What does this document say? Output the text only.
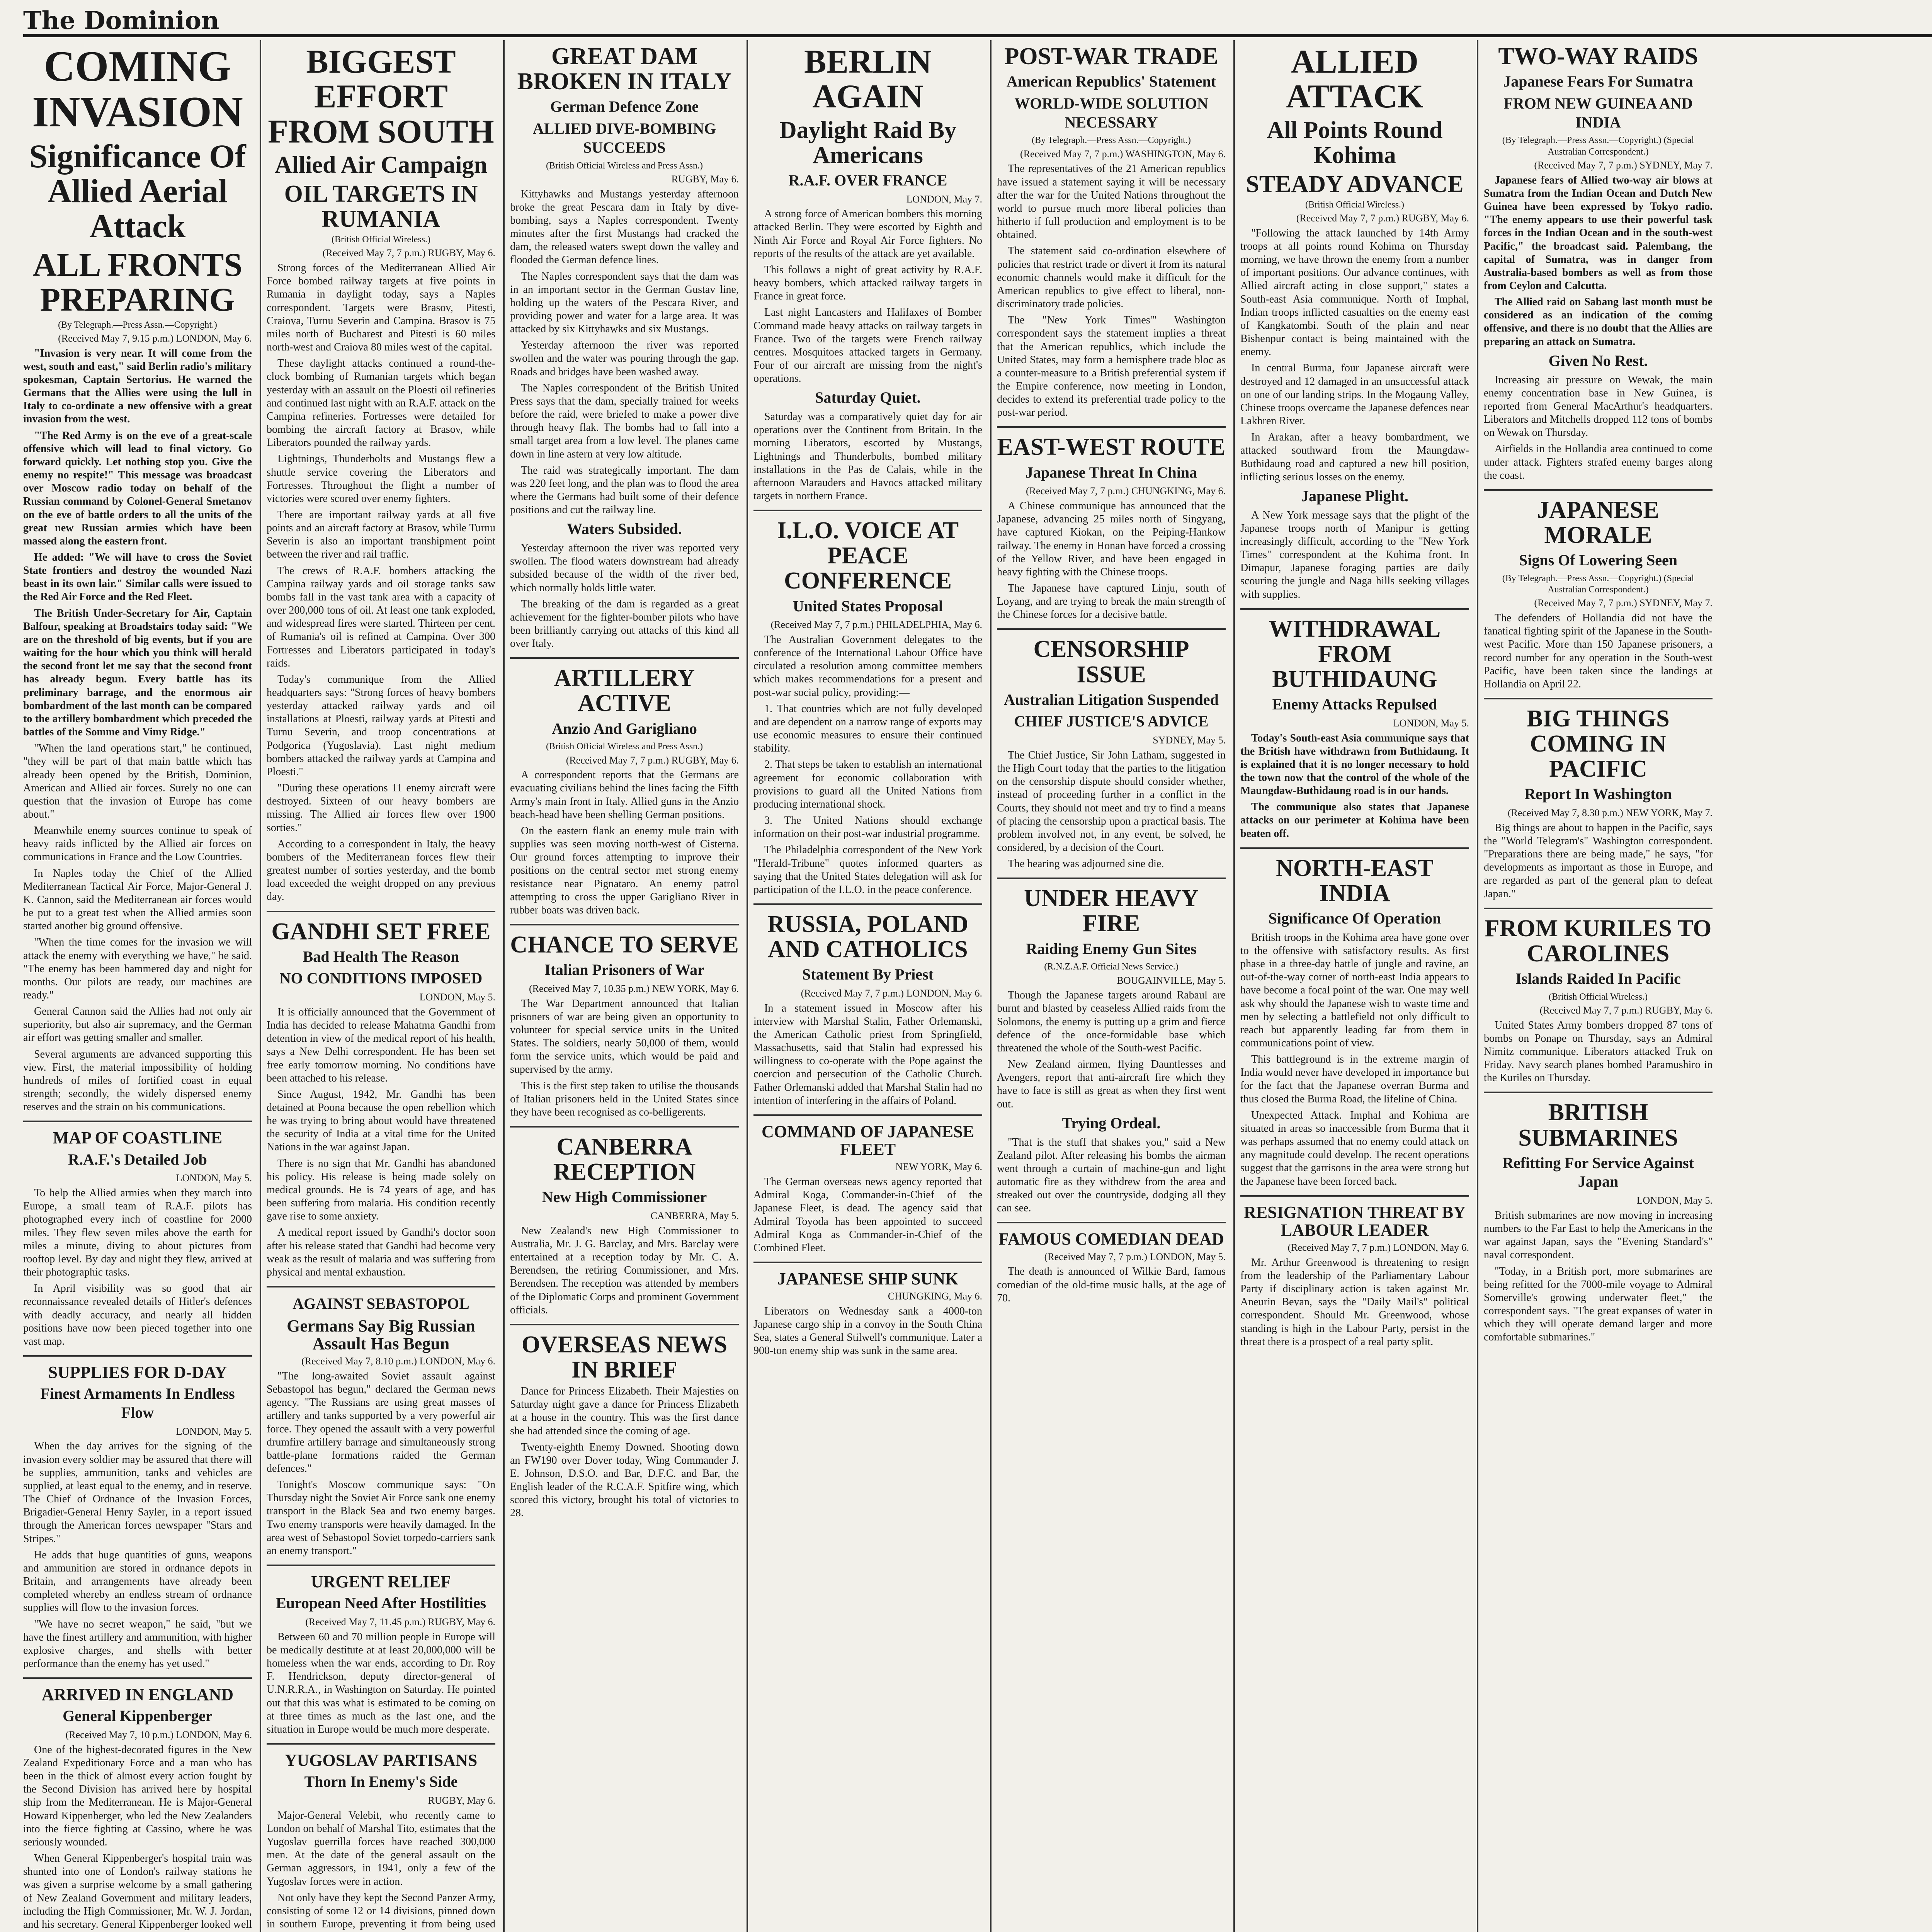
The Dominion
COMING INVASION
Significance Of Allied Aerial Attack
ALL FRONTS PREPARING
(By Telegraph.—Press Assn.—Copyright.)
(Received May 7, 9.15 p.m.) LONDON, May 6.

"Invasion is very near. It will come from the west, south and east," said Berlin radio's military spokesman, Captain Sertorius. He warned the Germans that the Allies were using the lull in Italy to co-ordinate a new offensive with a great invasion from the west.

"The Red Army is on the eve of a great-scale offensive which will lead to final victory. Go forward quickly. Let nothing stop you. Give the enemy no respite!" This message was broadcast over Moscow radio today on behalf of the Russian command by Colonel-General Smetanov on the eve of battle orders to all the units of the great new Russian armies which have been massed along the eastern front.

He added: "We will have to cross the Soviet State frontiers and destroy the wounded Nazi beast in its own lair." Similar calls were issued to the Red Air Force and the Red Fleet.

The British Under-Secretary for Air, Captain Balfour, speaking at Broadstairs today said: "We are on the threshold of big events, but if you are waiting for the hour which you think will herald the second front let me say that the second front has already begun. Every battle has its preliminary barrage, and the enormous air bombardment of the last month can be compared to the artillery bombardment which preceded the battles of the Somme and Vimy Ridge."

"When the land operations start," he continued, "they will be part of that main battle which has already been opened by the British, Dominion, American and Allied air forces. Surely no one can question that the invasion of Europe has come about."

Meanwhile enemy sources continue to speak of heavy raids inflicted by the Allied air forces on communications in France and the Low Countries.

In Naples today the Chief of the Allied Mediterranean Tactical Air Force, Major-General J. K. Cannon, said the Mediterranean air forces would be put to a great test when the Allied armies soon started another big ground offensive.

"When the time comes for the invasion we will attack the enemy with everything we have," he said. "The enemy has been hammered day and night for months. Our pilots are ready, our machines are ready."

General Cannon said the Allies had not only air superiority, but also air supremacy, and the German air effort was getting smaller and smaller.

Several arguments are advanced supporting this view. First, the material impossibility of holding hundreds of miles of fortified coast in equal strength; secondly, the widely dispersed enemy reserves and the strain on his communications.

MAP OF COASTLINE
R.A.F.'s Detailed Job
LONDON, May 5.

To help the Allied armies when they march into Europe, a small team of R.A.F. pilots has photographed every inch of coastline for 2000 miles. They flew seven miles above the earth for miles a minute, diving to about pictures from rooftop level. By day and night they flew, arrived at their photographic tasks.

In April visibility was so good that air reconnaissance revealed details of Hitler's defences with deadly accuracy, and nearly all hidden positions have now been pieced together into one vast map.

SUPPLIES FOR D-DAY
Finest Armaments In Endless Flow
LONDON, May 5.

When the day arrives for the signing of the invasion every soldier may be assured that there will be supplies, ammunition, tanks and vehicles are supplied, at least equal to the enemy, and in reserve. The Chief of Ordnance of the Invasion Forces, Brigadier-General Henry Sayler, in a report issued through the American forces newspaper "Stars and Stripes."

He adds that huge quantities of guns, weapons and ammunition are stored in ordnance depots in Britain, and arrangements have already been completed whereby an endless stream of ordnance supplies will flow to the invasion forces.

"We have no secret weapon," he said, "but we have the finest artillery and ammunition, with higher explosive charges, and shells with better performance than the enemy has yet used."

ARRIVED IN ENGLAND
General Kippenberger
(Received May 7, 10 p.m.) LONDON, May 6.

One of the highest-decorated figures in the New Zealand Expeditionary Force and a man who has been in the thick of almost every action fought by the Second Division has arrived here by hospital ship from the Mediterranean. He is Major-General Howard Kippenberger, who led the New Zealanders into the fierce fighting at Cassino, where he was seriously wounded.

When General Kippenberger's hospital train was shunted into one of London's railway stations he was given a surprise welcome by a small gathering of New Zealand Government and military leaders, including the High Commissioner, Mr. W. J. Jordan, and his secretary. General Kippenberger looked well

BIGGEST EFFORT FROM SOUTH
Allied Air Campaign
OIL TARGETS IN RUMANIA
(British Official Wireless.)
(Received May 7, 7 p.m.) RUGBY, May 6.

Strong forces of the Mediterranean Allied Air Force bombed railway targets at five points in Rumania in daylight today, says a Naples correspondent. Targets were Brasov, Pitesti, Craiova, Turnu Severin and Campina. Brasov is 75 miles north of Bucharest and Pitesti is 60 miles north-west and Craiova 80 miles west of the capital.

These daylight attacks continued a round-the-clock bombing of Rumanian targets which began yesterday with an assault on the Ploesti oil refineries and continued last night with an R.A.F. attack on the Campina refineries. Fortresses were detailed for bombing the aircraft factory at Brasov, while Liberators pounded the railway yards.

Lightnings, Thunderbolts and Mustangs flew a shuttle service covering the Liberators and Fortresses. Throughout the flight a number of victories were scored over enemy fighters.

There are important railway yards at all five points and an aircraft factory at Brasov, while Turnu Severin is also an important transhipment point between the river and rail traffic.

The crews of R.A.F. bombers attacking the Campina railway yards and oil storage tanks saw bombs fall in the vast tank area with a capacity of over 200,000 tons of oil. At least one tank exploded, and widespread fires were started. Thirteen per cent. of Rumania's oil is refined at Campina. Over 300 Fortresses and Liberators participated in today's raids.

Today's communique from the Allied headquarters says: "Strong forces of heavy bombers yesterday attacked railway yards and oil installations at Ploesti, railway yards at Pitesti and Turnu Severin, and troop concentrations at Podgorica (Yugoslavia). Last night medium bombers attacked the railway yards at Campina and Ploesti."

"During these operations 11 enemy aircraft were destroyed. Sixteen of our heavy bombers are missing. The Allied air forces flew over 1900 sorties."

According to a correspondent in Italy, the heavy bombers of the Mediterranean forces flew their greatest number of sorties yesterday, and the bomb load exceeded the weight dropped on any previous day.

GANDHI SET FREE
Bad Health The Reason
NO CONDITIONS IMPOSED
LONDON, May 5.

It is officially announced that the Government of India has decided to release Mahatma Gandhi from detention in view of the medical report of his health, says a New Delhi correspondent. He has been set free early tomorrow morning. No conditions have been attached to his release.

Since August, 1942, Mr. Gandhi has been detained at Poona because the open rebellion which he was trying to bring about would have threatened the security of India at a vital time for the United Nations in the war against Japan.

There is no sign that Mr. Gandhi has abandoned his policy. His release is being made solely on medical grounds. He is 74 years of age, and has been suffering from malaria. His condition recently gave rise to some anxiety.

A medical report issued by Gandhi's doctor soon after his release stated that Gandhi had become very weak as the result of malaria and was suffering from physical and mental exhaustion.

AGAINST SEBASTOPOL
Germans Say Big Russian Assault Has Begun
(Received May 7, 8.10 p.m.) LONDON, May 6.

"The long-awaited Soviet assault against Sebastopol has begun," declared the German news agency. "The Russians are using great masses of artillery and tanks supported by a very powerful air force. They opened the assault with a very powerful drumfire artillery barrage and simultaneously strong battle-plane formations raided the German defences."

Tonight's Moscow communique says: "On Thursday night the Soviet Air Force sank one enemy transport in the Black Sea and two enemy barges. Two enemy transports were heavily damaged. In the area west of Sebastopol Soviet torpedo-carriers sank an enemy transport."

URGENT RELIEF
European Need After Hostilities
(Received May 7, 11.45 p.m.) RUGBY, May 6.

Between 60 and 70 million people in Europe will be medically destitute at at least 20,000,000 will be homeless when the war ends, according to Dr. Roy F. Hendrickson, deputy director-general of U.N.R.R.A., in Washington on Saturday. He pointed out that this was what is estimated to be coming on at three times as much as the last one, and the situation in Europe would be much more desperate.

YUGOSLAV PARTISANS
Thorn In Enemy's Side
RUGBY, May 6.

Major-General Velebit, who recently came to London on behalf of Marshal Tito, estimates that the Yugoslav guerrilla forces have reached 300,000 men. At the date of the general assault on the German aggressors, in 1941, only a few of the Yugoslav forces were in action.

Not only have they kept the Second Panzer Army, consisting of some 12 or 14 divisions, pinned down in southern Europe, preventing it from being used

GREAT DAM BROKEN IN ITALY
German Defence Zone
ALLIED DIVE-BOMBING SUCCEEDS
(British Official Wireless and Press Assn.)
RUGBY, May 6.

Kittyhawks and Mustangs yesterday afternoon broke the great Pescara dam in Italy by dive-bombing, says a Naples correspondent. Twenty minutes after the first Mustangs had cracked the dam, the released waters swept down the valley and flooded the German defence lines.

The Naples correspondent says that the dam was in an important sector in the German Gustav line, holding up the waters of the Pescara River, and providing power and water for a large area. It was attacked by six Kittyhawks and six Mustangs.

Yesterday afternoon the river was reported swollen and the water was pouring through the gap. Roads and bridges have been washed away.

The Naples correspondent of the British United Press says that the dam, specially trained for weeks before the raid, were briefed to make a power dive through heavy flak. The bombs had to fall into a small target area from a low level. The planes came down in line astern at very low altitude.

The raid was strategically important. The dam was 220 feet long, and the plan was to flood the area where the Germans had built some of their defence positions and cut the railway line.

Waters Subsided.

Yesterday afternoon the river was reported very swollen. The flood waters downstream had already subsided because of the width of the river bed, which normally holds little water.

The breaking of the dam is regarded as a great achievement for the fighter-bomber pilots who have been brilliantly carrying out attacks of this kind all over Italy.

ARTILLERY ACTIVE
Anzio And Garigliano
(British Official Wireless and Press Assn.)
(Received May 7, 7 p.m.) RUGBY, May 6.

A correspondent reports that the Germans are evacuating civilians behind the lines facing the Fifth Army's main front in Italy. Allied guns in the Anzio beach-head have been shelling German positions.

On the eastern flank an enemy mule train with supplies was seen moving north-west of Cisterna. Our ground forces attempting to improve their positions on the central sector met strong enemy resistance near Pignataro. An enemy patrol attempting to cross the upper Garigliano River in rubber boats was driven back.

CHANCE TO SERVE
Italian Prisoners of War
(Received May 7, 10.35 p.m.) NEW YORK, May 6.

The War Department announced that Italian prisoners of war are being given an opportunity to volunteer for special service units in the United States. The soldiers, nearly 50,000 of them, would form the service units, which would be paid and supervised by the army.

This is the first step taken to utilise the thousands of Italian prisoners held in the United States since they have been recognised as co-belligerents.

CANBERRA RECEPTION
New High Commissioner
CANBERRA, May 5.

New Zealand's new High Commissioner to Australia, Mr. J. G. Barclay, and Mrs. Barclay were entertained at a reception today by Mr. C. A. Berendsen, the retiring Commissioner, and Mrs. Berendsen. The reception was attended by members of the Diplomatic Corps and prominent Government officials.

OVERSEAS NEWS IN BRIEF

Dance for Princess Elizabeth. Their Majesties on Saturday night gave a dance for Princess Elizabeth at a house in the country. This was the first dance she had attended since the coming of age.

Twenty-eighth Enemy Downed. Shooting down an FW190 over Dover today, Wing Commander J. E. Johnson, D.S.O. and Bar, D.F.C. and Bar, the English leader of the R.C.A.F. Spitfire wing, which scored this victory, brought his total of victories to 28.

BERLIN AGAIN
Daylight Raid By Americans
R.A.F. OVER FRANCE
LONDON, May 7.

A strong force of American bombers this morning attacked Berlin. They were escorted by Eighth and Ninth Air Force and Royal Air Force fighters. No reports of the results of the attack are yet available.

This follows a night of great activity by R.A.F. heavy bombers, which attacked railway targets in France in great force.

Last night Lancasters and Halifaxes of Bomber Command made heavy attacks on railway targets in France. Two of the targets were French railway centres. Mosquitoes attacked targets in Germany. Four of our aircraft are missing from the night's operations.

Saturday Quiet.

Saturday was a comparatively quiet day for air operations over the Continent from Britain. In the morning Liberators, escorted by Mustangs, Lightnings and Thunderbolts, bombed military installations in the Pas de Calais, while in the afternoon Marauders and Havocs attacked military targets in northern France.

I.L.O. VOICE AT PEACE CONFERENCE
United States Proposal
(Received May 7, 7 p.m.) PHILADELPHIA, May 6.

The Australian Government delegates to the conference of the International Labour Office have circulated a resolution among committee members which makes recommendations for a present and post-war social policy, providing:—

1. That countries which are not fully developed and are dependent on a narrow range of exports may use economic measures to ensure their continued stability.

2. That steps be taken to establish an international agreement for economic collaboration with provisions to guard all the United Nations from producing international shock.

3. The United Nations should exchange information on their post-war industrial programme.

The Philadelphia correspondent of the New York "Herald-Tribune" quotes informed quarters as saying that the United States delegation will ask for participation of the I.L.O. in the peace conference.

RUSSIA, POLAND AND CATHOLICS
Statement By Priest
(Received May 7, 7 p.m.) LONDON, May 6.

In a statement issued in Moscow after his interview with Marshal Stalin, Father Orlemanski, the American Catholic priest from Springfield, Massachusetts, said that Stalin had expressed his willingness to co-operate with the Pope against the coercion and persecution of the Catholic Church. Father Orlemanski added that Marshal Stalin had no intention of interfering in the affairs of Poland.

COMMAND OF JAPANESE FLEET
NEW YORK, May 6.

The German overseas news agency reported that Admiral Koga, Commander-in-Chief of the Japanese Fleet, is dead. The agency said that Admiral Toyoda has been appointed to succeed Admiral Koga as Commander-in-Chief of the Combined Fleet.

JAPANESE SHIP SUNK
CHUNGKING, May 6.

Liberators on Wednesday sank a 4000-ton Japanese cargo ship in a convoy in the South China Sea, states a General Stilwell's communique. Later a 900-ton enemy ship was sunk in the same area.

POST-WAR TRADE
American Republics' Statement
WORLD-WIDE SOLUTION NECESSARY
(By Telegraph.—Press Assn.—Copyright.)
(Received May 7, 7 p.m.) WASHINGTON, May 6.

The representatives of the 21 American republics have issued a statement saying it will be necessary after the war for the United Nations throughout the world to pursue much more liberal policies than hitherto if full production and employment is to be obtained.

The statement said co-ordination elsewhere of policies that restrict trade or divert it from its natural economic channels would make it difficult for the American republics to give effect to liberal, non-discriminatory trade policies.

The "New York Times'" Washington correspondent says the statement implies a threat that the American republics, which include the United States, may form a hemisphere trade bloc as a counter-measure to a British preferential system if the Empire conference, now meeting in London, decides to extend its preferential trade policy to the post-war period.

EAST-WEST ROUTE
Japanese Threat In China
(Received May 7, 7 p.m.) CHUNGKING, May 6.

A Chinese communique has announced that the Japanese, advancing 25 miles north of Singyang, have captured Kiokan, on the Peiping-Hankow railway. The enemy in Honan have forced a crossing of the Yellow River, and have been engaged in heavy fighting with the Chinese troops.

The Japanese have captured Linju, south of Loyang, and are trying to break the main strength of the Chinese forces for a decisive battle.

CENSORSHIP ISSUE
Australian Litigation Suspended
CHIEF JUSTICE'S ADVICE
SYDNEY, May 5.

The Chief Justice, Sir John Latham, suggested in the High Court today that the parties to the litigation on the censorship dispute should consider whether, instead of proceeding further in a conflict in the Courts, they should not meet and try to find a means of placing the censorship upon a practical basis. The problem involved not, in any event, be solved, he considered, by a decision of the Court.

The hearing was adjourned sine die.

UNDER HEAVY FIRE
Raiding Enemy Gun Sites
(R.N.Z.A.F. Official News Service.)
BOUGAINVILLE, May 5.

Though the Japanese targets around Rabaul are burnt and blasted by ceaseless Allied raids from the Solomons, the enemy is putting up a grim and fierce defence of the once-formidable base which threatened the whole of the South-west Pacific.

New Zealand airmen, flying Dauntlesses and Avengers, report that anti-aircraft fire which they have to face is still as great as when they first went out.

Trying Ordeal.

"That is the stuff that shakes you," said a New Zealand pilot. After releasing his bombs the airman went through a curtain of machine-gun and light automatic fire as they withdrew from the area and streaked out over the countryside, dodging all they can see.

FAMOUS COMEDIAN DEAD
(Received May 7, 7 p.m.) LONDON, May 5.

The death is announced of Wilkie Bard, famous comedian of the old-time music halls, at the age of 70.

ALLIED ATTACK
All Points Round Kohima
STEADY ADVANCE
(British Official Wireless.)
(Received May 7, 7 p.m.) RUGBY, May 6.

"Following the attack launched by 14th Army troops at all points round Kohima on Thursday morning, we have thrown the enemy from a number of important positions. Our advance continues, with Allied aircraft acting in close support," states a South-east Asia communique. North of Imphal, Indian troops inflicted casualties on the enemy east of Kangkatombi. South of the plain and near Bishenpur contact is being maintained with the enemy.

In central Burma, four Japanese aircraft were destroyed and 12 damaged in an unsuccessful attack on one of our landing strips. In the Mogaung Valley, Chinese troops overcame the Japanese defences near Lakhren River.

In Arakan, after a heavy bombardment, we attacked southward from the Maungdaw-Buthidaung road and captured a new hill position, inflicting serious losses on the enemy.

Japanese Plight.

A New York message says that the plight of the Japanese troops north of Manipur is getting increasingly difficult, according to the "New York Times" correspondent at the Kohima front. In Dimapur, Japanese foraging parties are daily scouring the jungle and Naga hills seeking villages with supplies.

WITHDRAWAL FROM BUTHIDAUNG
Enemy Attacks Repulsed
LONDON, May 5.

Today's South-east Asia communique says that the British have withdrawn from Buthidaung. It is explained that it is no longer necessary to hold the town now that the control of the whole of the Maungdaw-Buthidaung road is in our hands.

The communique also states that Japanese attacks on our perimeter at Kohima have been beaten off.

NORTH-EAST INDIA
Significance Of Operation

British troops in the Kohima area have gone over to the offensive with satisfactory results. As first phase in a three-day battle of jungle and ravine, an out-of-the-way corner of north-east India appears to have become a focal point of the war. One may well ask why should the Japanese wish to waste time and men by selecting a battlefield not only difficult to reach but apparently leading far from them in communications point of view.

This battleground is in the extreme margin of India would never have developed in importance but for the fact that the Japanese overran Burma and thus closed the Burma Road, the lifeline of China.

Unexpected Attack. Imphal and Kohima are situated in areas so inaccessible from Burma that it was perhaps assumed that no enemy could attack on any magnitude could develop. The recent operations suggest that the garrisons in the area were strong but the Japanese have been forced back.

RESIGNATION THREAT BY LABOUR LEADER
(Received May 7, 7 p.m.) LONDON, May 6.

Mr. Arthur Greenwood is threatening to resign from the leadership of the Parliamentary Labour Party if disciplinary action is taken against Mr. Aneurin Bevan, says the "Daily Mail's" political correspondent. Should Mr. Greenwood, whose standing is high in the Labour Party, persist in the threat there is a prospect of a real party split.

TWO-WAY RAIDS
Japanese Fears For Sumatra
FROM NEW GUINEA AND INDIA
(By Telegraph.—Press Assn.—Copyright.) (Special Australian Correspondent.)
(Received May 7, 7 p.m.) SYDNEY, May 7.

Japanese fears of Allied two-way air blows at Sumatra from the Indian Ocean and Dutch New Guinea have been expressed by Tokyo radio. "The enemy appears to use their powerful task forces in the Indian Ocean and in the south-west Pacific," the broadcast said. Palembang, the capital of Sumatra, was in danger from Australia-based bombers as well as from those from Ceylon and Calcutta.

The Allied raid on Sabang last month must be considered as an indication of the coming offensive, and there is no doubt that the Allies are preparing an attack on Sumatra.

Given No Rest.

Increasing air pressure on Wewak, the main enemy concentration base in New Guinea, is reported from General MacArthur's headquarters. Liberators and Mitchells dropped 112 tons of bombs on Wewak on Thursday.

Airfields in the Hollandia area continued to come under attack. Fighters strafed enemy barges along the coast.

JAPANESE MORALE
Signs Of Lowering Seen
(By Telegraph.—Press Assn.—Copyright.) (Special Australian Correspondent.)
(Received May 7, 7 p.m.) SYDNEY, May 7.

The defenders of Hollandia did not have the fanatical fighting spirit of the Japanese in the South-west Pacific. More than 150 Japanese prisoners, a record number for any operation in the South-west Pacific, have been taken since the landings at Hollandia on April 22.

BIG THINGS COMING IN PACIFIC
Report In Washington
(Received May 7, 8.30 p.m.) NEW YORK, May 7.

Big things are about to happen in the Pacific, says the "World Telegram's" Washington correspondent. "Preparations there are being made," he says, "for developments as important as those in Europe, and are regarded as part of the general plan to defeat Japan."

FROM KURILES TO CAROLINES
Islands Raided In Pacific
(British Official Wireless.)
(Received May 7, 7 p.m.) RUGBY, May 6.

United States Army bombers dropped 87 tons of bombs on Ponape on Thursday, says an Admiral Nimitz communique. Liberators attacked Truk on Friday. Navy search planes bombed Paramushiro in the Kuriles on Thursday.

BRITISH SUBMARINES
Refitting For Service Against Japan
LONDON, May 5.

British submarines are now moving in increasing numbers to the Far East to help the Americans in the war against Japan, says the "Evening Standard's" naval correspondent.

"Today, in a British port, more submarines are being refitted for the 7000-mile voyage to Admiral Somerville's growing underwater fleet," the correspondent says. "The great expanses of water in which they will operate demand larger and more comfortable submarines."
